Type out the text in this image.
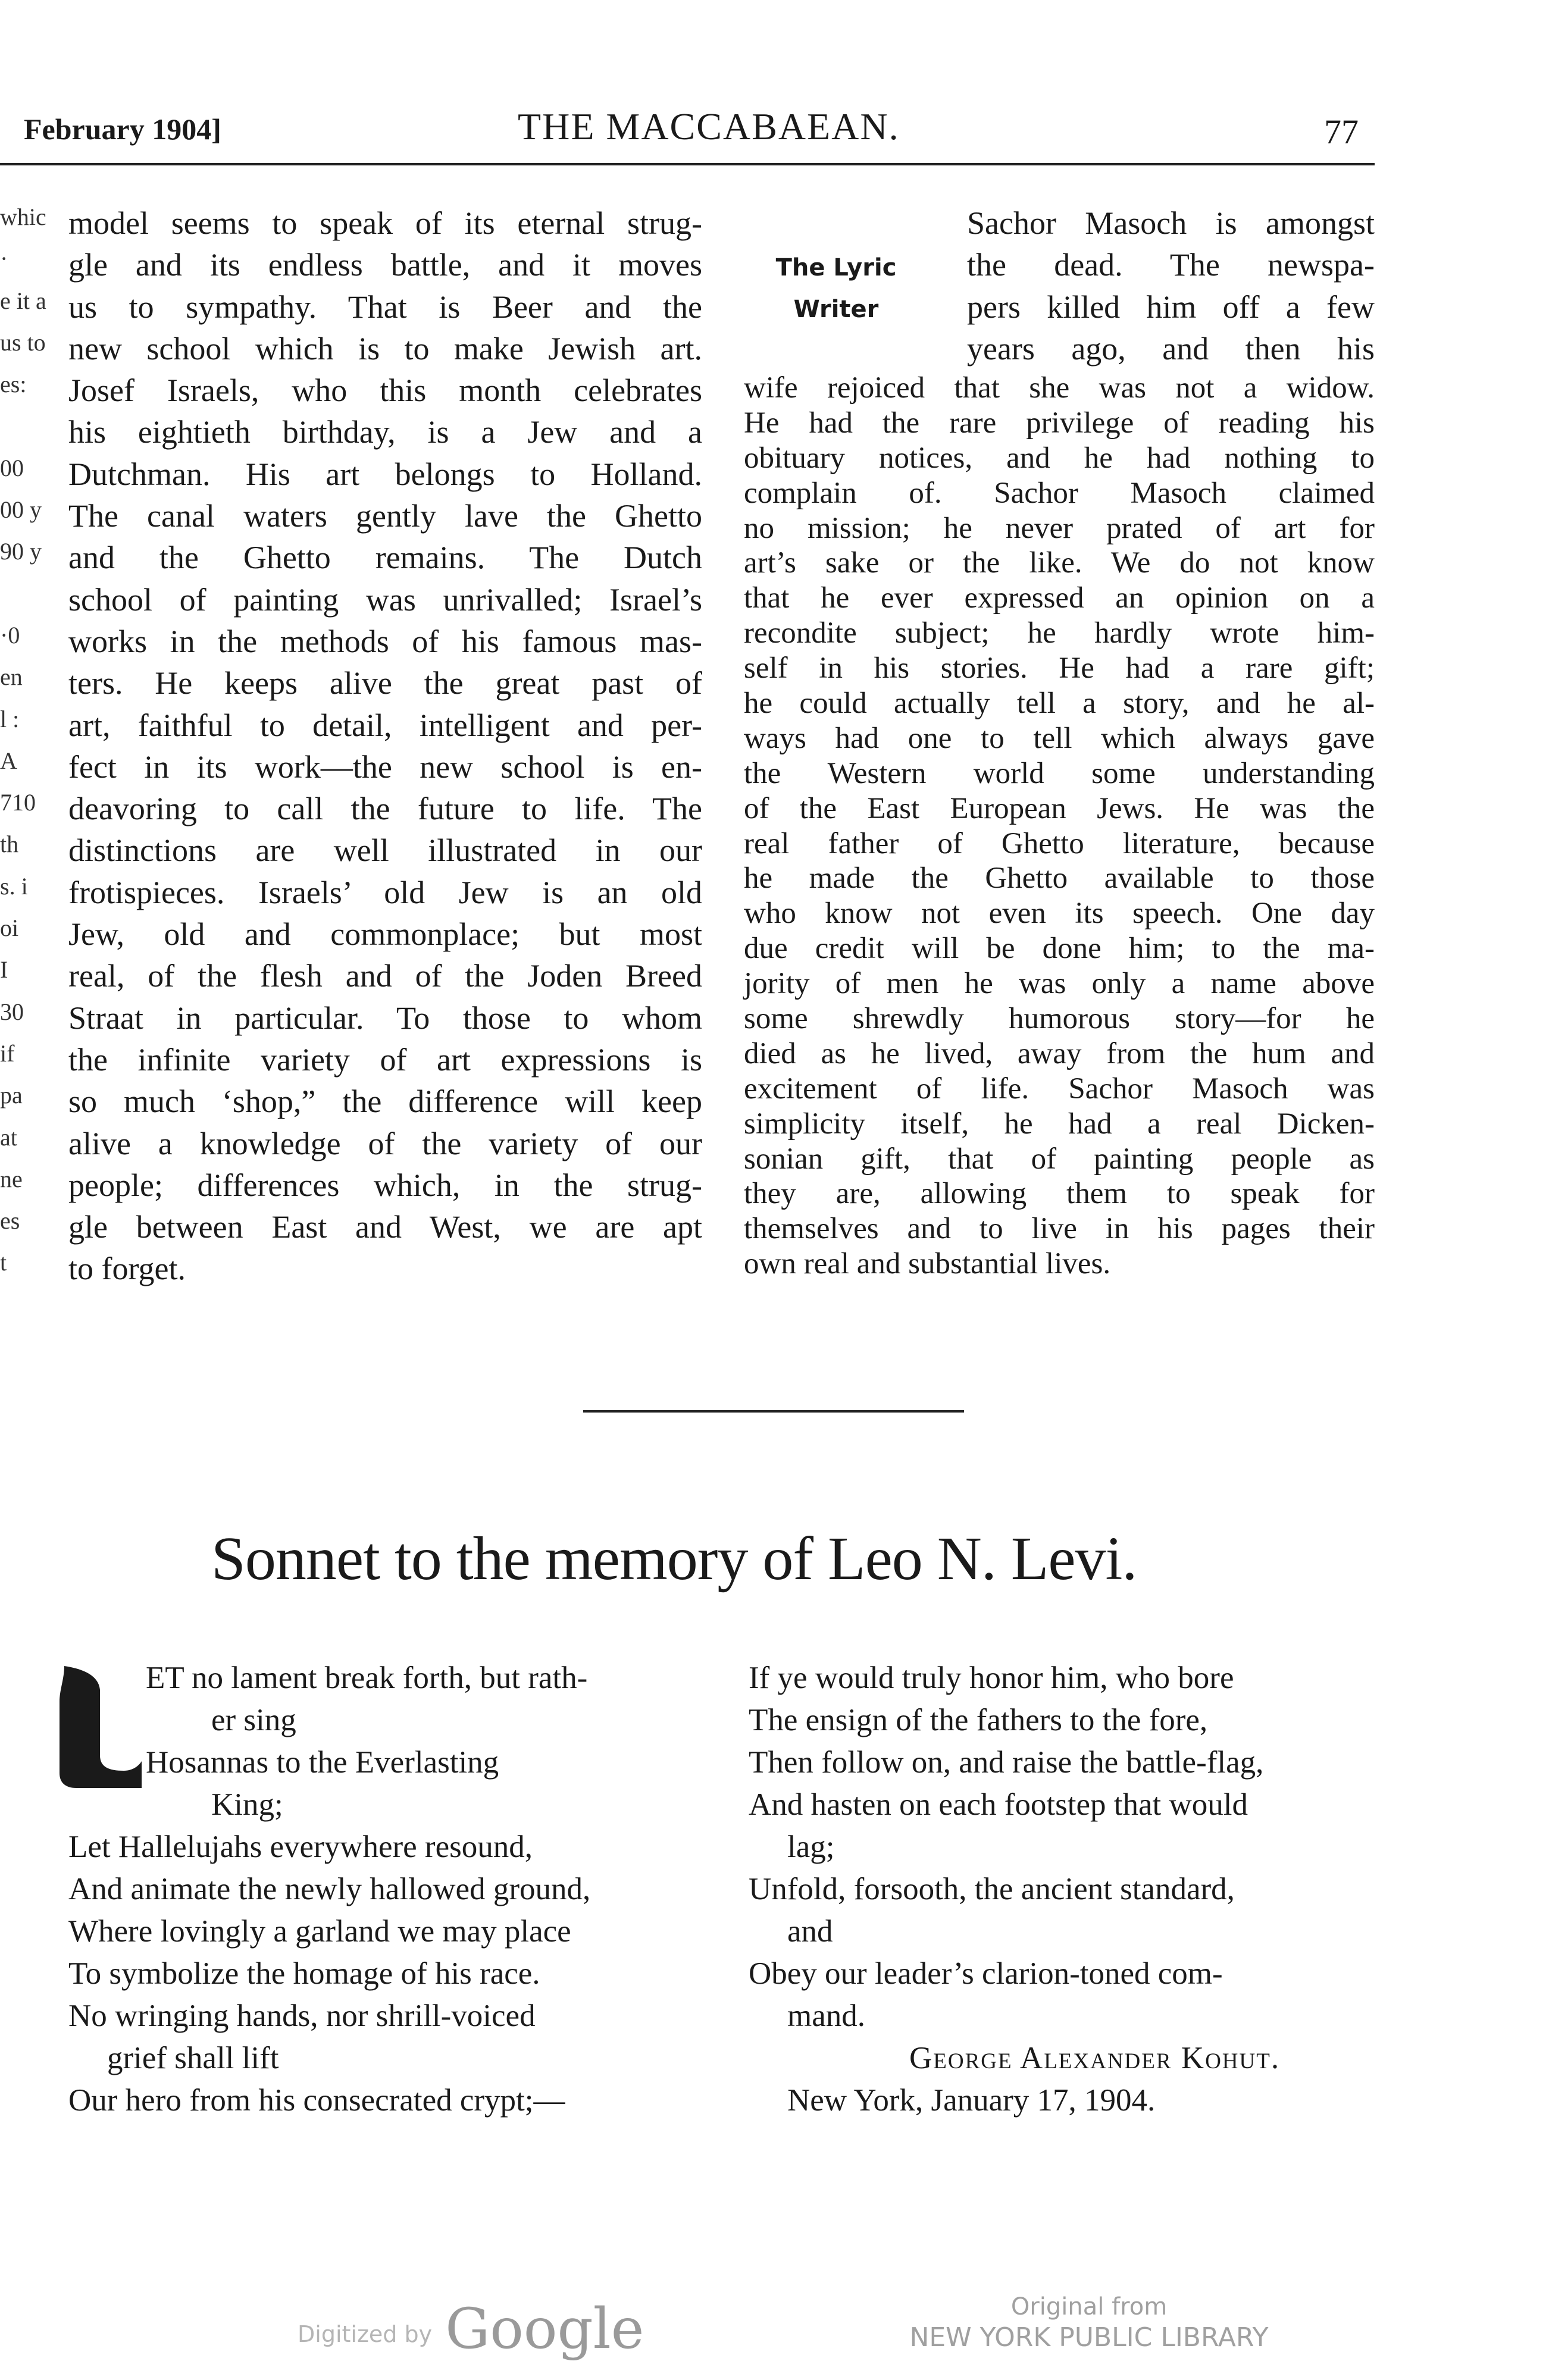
February 1904]	THE MACCABAEAN.	77
whic
·
e it a
us to
es:
00
00 y
90 y
·0
en
l :
A
710
th
s. i
oi
I
30
if
pa
at
ne
es
t
model seems to speak of its eternal strug-
gle and its endless battle, and it moves
us to sympathy. That is Beer and the
new school which is to make Jewish art.
Josef Israels, who this month celebrates
his eightieth birthday, is a Jew and a
Dutchman. His art belongs to Holland.
The canal waters gently lave the Ghetto
and the Ghetto remains. The Dutch
school of painting was unrivalled; Israel’s
works in the methods of his famous mas-
ters. He keeps alive the great past of
art, faithful to detail, intelligent and per-
fect in its work—the new school is en-
deavoring to call the future to life. The
distinctions are well illustrated in our
frotispieces. Israels’ old Jew is an old
Jew, old and commonplace; but most
real, of the flesh and of the Joden Breed
Straat in particular. To those to whom
the infinite variety of art expressions is
so much ‘shop,” the difference will keep
alive a knowledge of the variety of our
people; differences which, in the strug-
gle between East and West, we are apt
to forget.
The Lyric
Writer
Sachor Masoch is amongst
the dead. The newspa-
pers killed him off a few
years ago, and then his
wife rejoiced that she was not a widow.
He had the rare privilege of reading his
obituary notices, and he had nothing to
complain of. Sachor Masoch claimed
no mission; he never prated of art for
art’s sake or the like. We do not know
that he ever expressed an opinion on a
recondite subject; he hardly wrote him-
self in his stories. He had a rare gift;
he could actually tell a story, and he al-
ways had one to tell which always gave
the Western world some understanding
of the East European Jews. He was the
real father of Ghetto literature, because
he made the Ghetto available to those
who know not even its speech. One day
due credit will be done him; to the ma-
jority of men he was only a name above
some shrewdly humorous story—for he
died as he lived, away from the hum and
excitement of life. Sachor Masoch was
simplicity itself, he had a real Dicken-
sonian gift, that of painting people as
they are, allowing them to speak for
themselves and to live in his pages their
own real and substantial lives.
Sonnet to the memory of Leo N. Levi.
ET no lament break forth, but rath-
er sing
Hosannas to the Everlasting
King;
Let Hallelujahs everywhere resound,
And animate the newly hallowed ground,
Where lovingly a garland we may place
To symbolize the homage of his race.
No wringing hands, nor shrill-voiced
grief shall lift
Our hero from his consecrated crypt;—
If ye would truly honor him, who bore
The ensign of the fathers to the fore,
Then follow on, and raise the battle-flag,
And hasten on each footstep that would
lag;
Unfold, forsooth, the ancient standard,
and
Obey our leader’s clarion-toned com-
mand.
George Alexander Kohut.
New York, January 17, 1904.
Digitized by Google	Original from
NEW YORK PUBLIC LIBRARY
